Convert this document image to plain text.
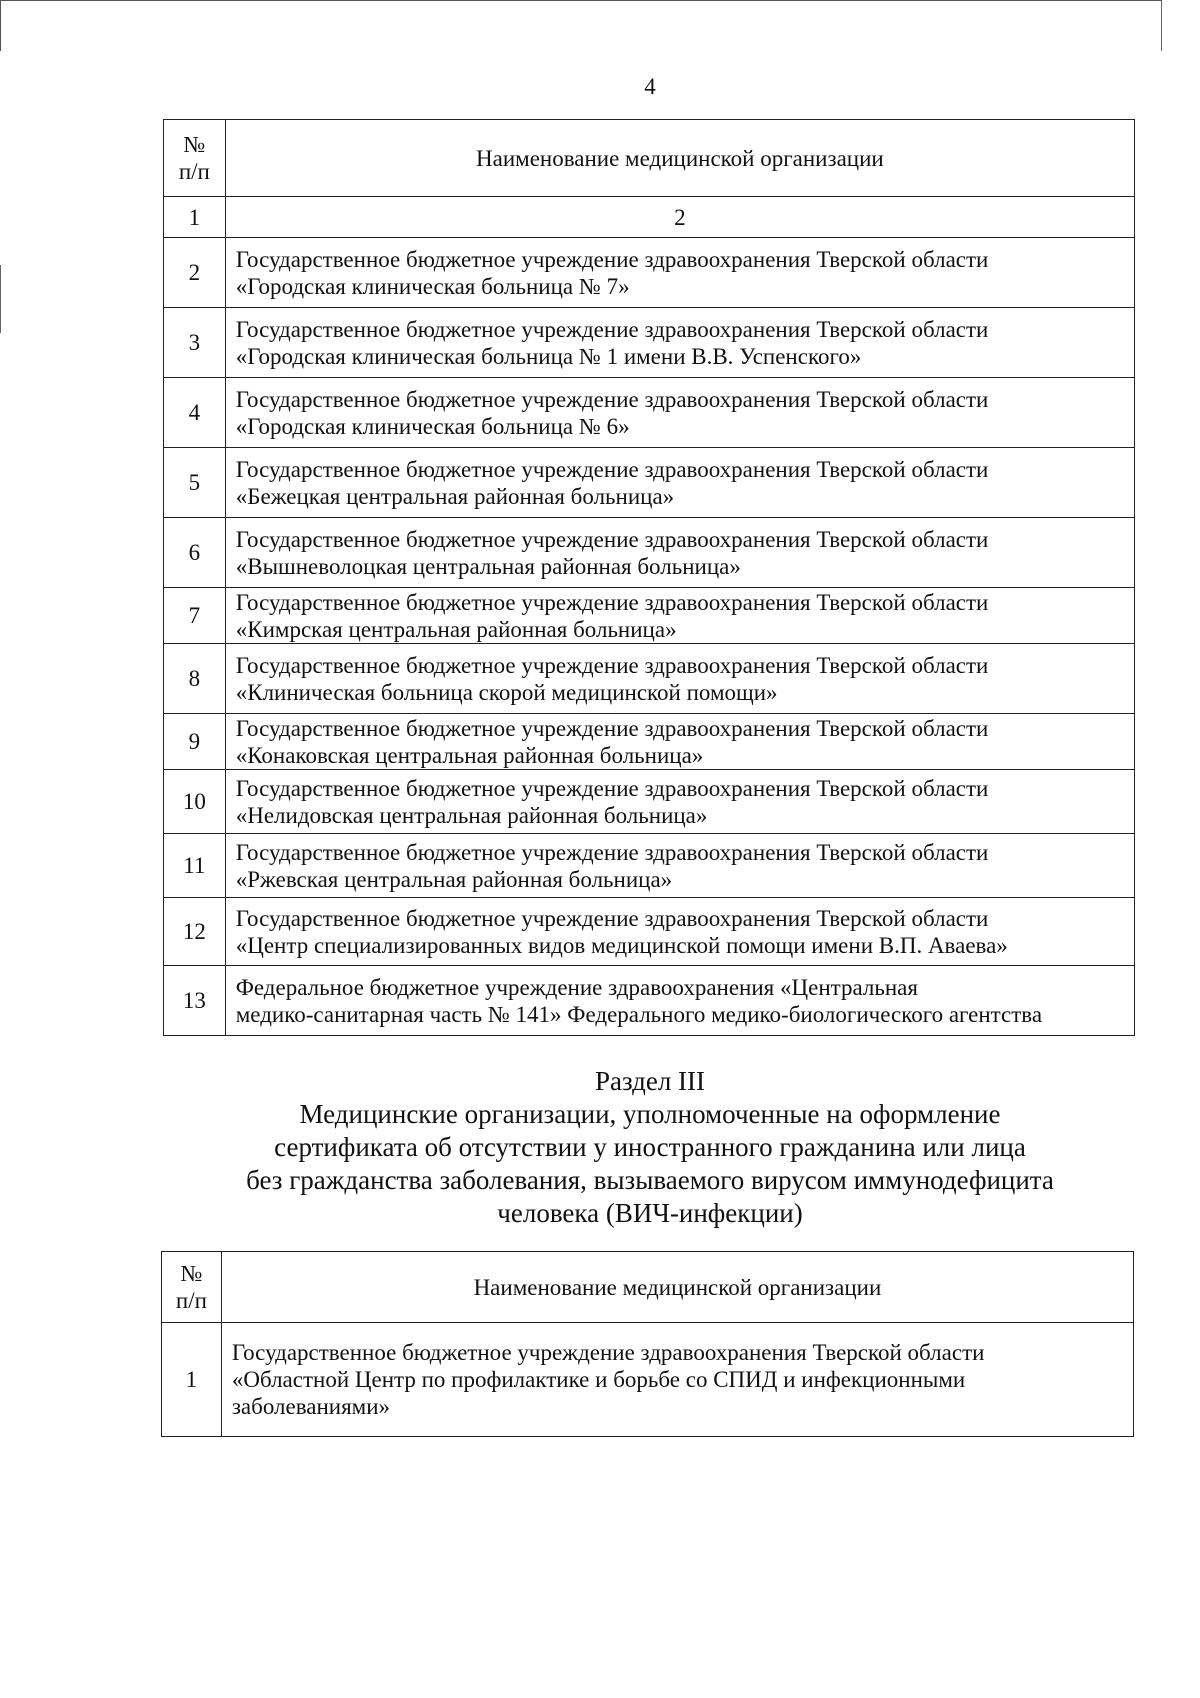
4
№
п/п	Наименование медицинской организации
1	2
2	Государственное бюджетное учреждение здравоохранения Тверской области
«Городская клиническая больница № 7»

3	Государственное бюджетное учреждение здравоохранения Тверской области
«Городская клиническая больница № 1 имени В.В. Успенского»

4	Государственное бюджетное учреждение здравоохранения Тверской области
«Городская клиническая больница № 6»

5	Государственное бюджетное учреждение здравоохранения Тверской области
«Бежецкая центральная районная больница»

6	Государственное бюджетное учреждение здравоохранения Тверской области
«Вышневолоцкая центральная районная больница»

7	Государственное бюджетное учреждение здравоохранения Тверской области
«Кимрская центральная районная больница»

8	Государственное бюджетное учреждение здравоохранения Тверской области
«Клиническая больница скорой медицинской помощи»

9	Государственное бюджетное учреждение здравоохранения Тверской области
«Конаковская центральная районная больница»

10	Государственное бюджетное учреждение здравоохранения Тверской области
«Нелидовская центральная районная больница»

11	Государственное бюджетное учреждение здравоохранения Тверской области
«Ржевская центральная районная больница»

12	Государственное бюджетное учреждение здравоохранения Тверской области
«Центр специализированных видов медицинской помощи имени В.П. Аваева»

13	Федеральное бюджетное учреждение здравоохранения «Центральная
медико-санитарная часть № 141» Федерального медико-биологического агентства
Раздел III
Медицинские организации, уполномоченные на оформление
сертификата об отсутствии у иностранного гражданина или лица
без гражданства заболевания, вызываемого вирусом иммунодефицита
человека (ВИЧ-инфекции)
№
п/п	Наименование медицинской организации
1	Государственное бюджетное учреждение здравоохранения Тверской области
«Областной Центр по профилактике и борьбе со СПИД и инфекционными
заболеваниями»
